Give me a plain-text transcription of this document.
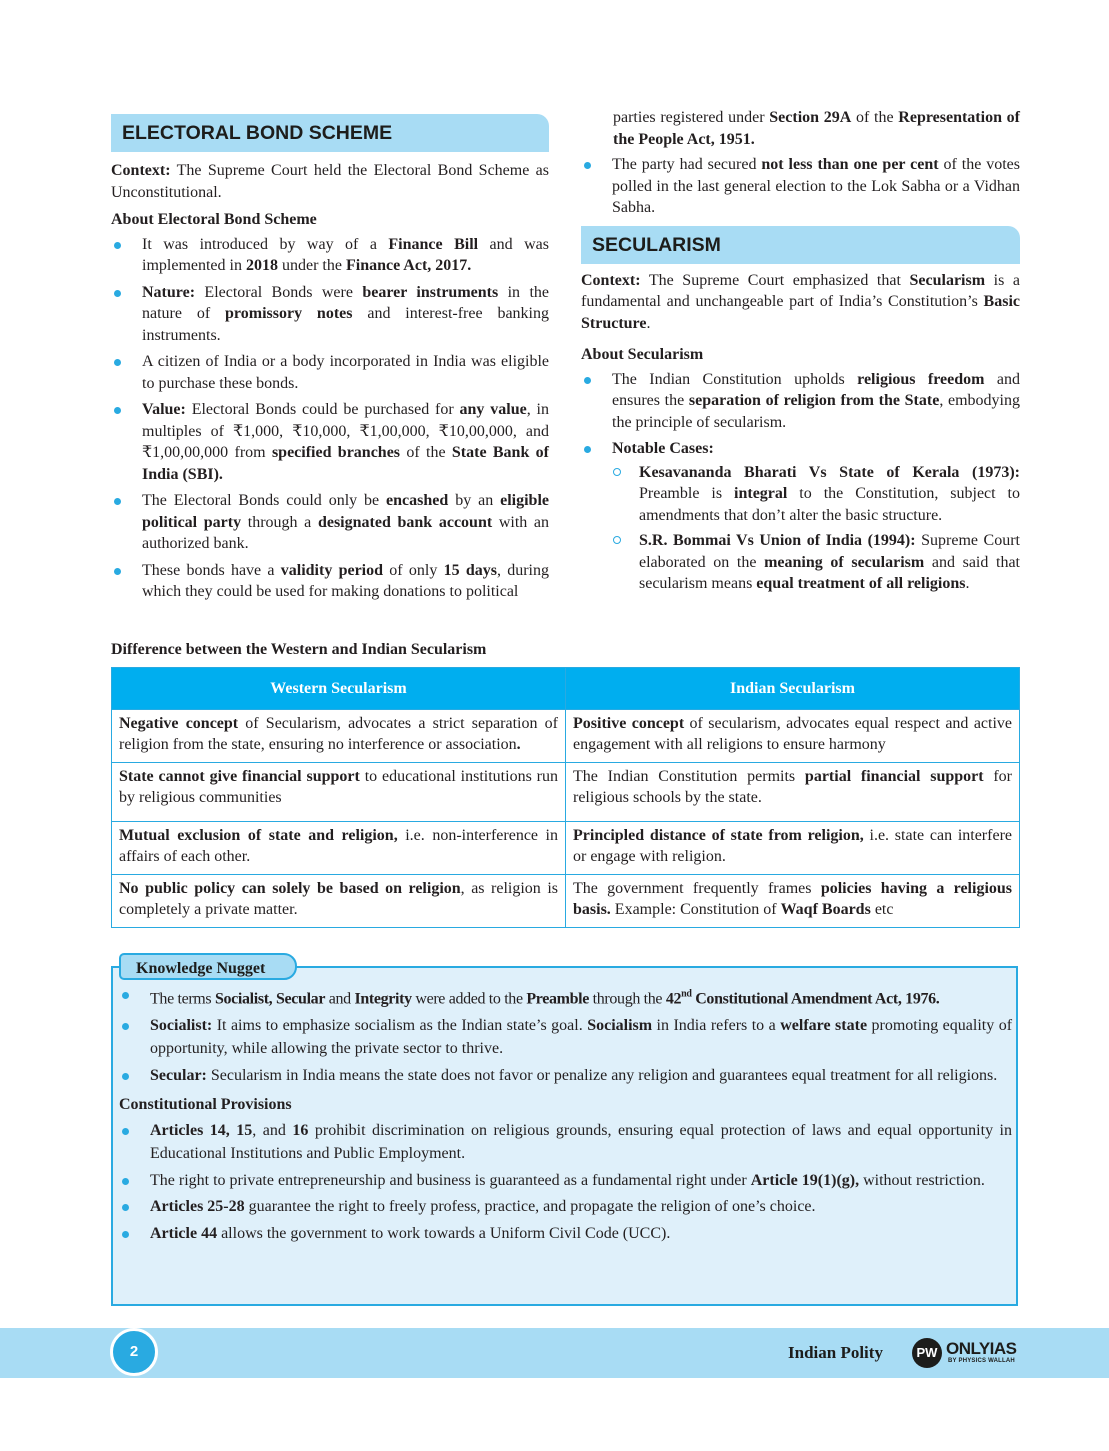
ELECTORAL BOND SCHEME

Context: The Supreme Court held the Electoral Bond Scheme as Unconstitutional.

About Electoral Bond Scheme

It was introduced by way of a Finance Bill and was implemented in 2018 under the Finance Act, 2017.
Nature: Electoral Bonds were bearer instruments in the nature of promissory notes and interest-free banking instruments.
A citizen of India or a body incorporated in India was eligible to purchase these bonds.
Value: Electoral Bonds could be purchased for any value, in multiples of ₹1,000, ₹10,000, ₹1,00,000, ₹10,00,000, and ₹1,00,00,000 from specified branches of the State Bank of India (SBI).
The Electoral Bonds could only be encashed by an eligible political party through a designated bank account with an authorized bank.
These bonds have a validity period of only 15 days, during which they could be used for making donations to political

parties registered under Section 29A of the Representation of the People Act, 1951.

The party had secured not less than one per cent of the votes polled in the last general election to the Lok Sabha or a Vidhan Sabha.
SECULARISM

Context: The Supreme Court emphasized that Secularism is a fundamental and unchangeable part of India’s Constitution’s Basic Structure.

About Secularism

The Indian Constitution upholds religious freedom and ensures the separation of religion from the State, embodying the principle of secularism.
Notable Cases:
Kesavananda Bharati Vs State of Kerala (1973): Preamble is integral to the Constitution, subject to amendments that don’t alter the basic structure.
S.R. Bommai Vs Union of India (1994): Supreme Court elaborated on the meaning of secularism and said that secularism means equal treatment of all religions.
Difference between the Western and Indian Secularism
Western Secularism	Indian Secularism
Negative concept of Secularism, advocates a strict separation of religion from the state, ensuring no interference or association.	Positive concept of secularism, advocates equal respect and active engagement with all religions to ensure harmony
State cannot give financial support to educational institutions run by religious communities	The Indian Constitution permits partial financial support for religious schools by the state.
Mutual exclusion of state and religion, i.e. non-interference in affairs of each other.	Principled distance of state from religion, i.e. state can interfere or engage with religion.
No public policy can solely be based on religion, as religion is completely a private matter.	The government frequently frames policies having a religious basis. Example: Constitution of Waqf Boards etc
Knowledge Nugget
The terms Socialist, Secular and Integrity were added to the Preamble through the 42nd Constitutional Amendment Act, 1976.
Socialist: It aims to emphasize socialism as the Indian state’s goal. Socialism in India refers to a welfare state promoting equality of opportunity, while allowing the private sector to thrive.
Secular: Secularism in India means the state does not favor or penalize any religion and guarantees equal treatment for all religions.

Constitutional Provisions

Articles 14, 15, and 16 prohibit discrimination on religious grounds, ensuring equal protection of laws and equal opportunity in Educational Institutions and Public Employment.
The right to private entrepreneurship and business is guaranteed as a fundamental right under Article 19(1)(g), without restriction.
Articles 25-28 guarantee the right to freely profess, practice, and propagate the religion of one’s choice.
Article 44 allows the government to work towards a Uniform Civil Code (UCC).
2	Indian Polity	PW ONLYIAS
BY PHYSICS WALLAH
